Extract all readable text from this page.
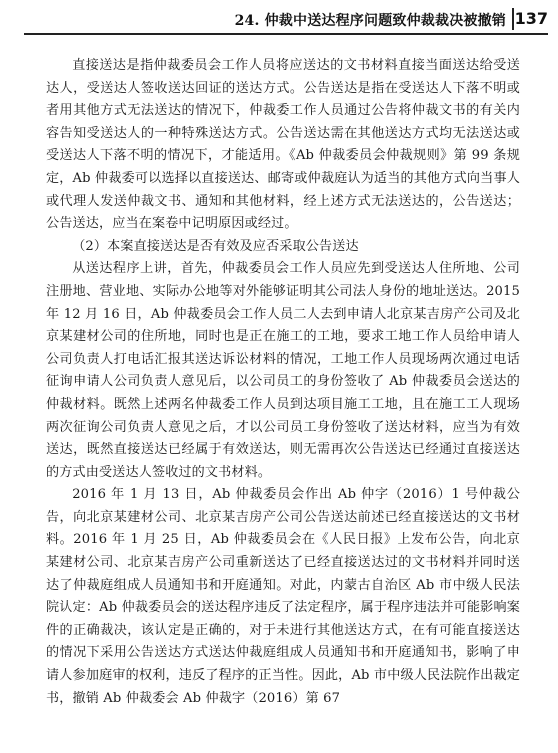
24. 仲裁中送达程序问题致仲裁裁决被撤销 137

直接送达是指仲裁委员会工作人员将应送达的文书材料直接当面送达给受送达人，受送达人签收送达回证的送达方式。公告送达是指在受送达人下落不明或者用其他方式无法送达的情况下，仲裁委工作人员通过公告将仲裁文书的有关内容告知受送达人的一种特殊送达方式。公告送达需在其他送达方式均无法送达或受送达人下落不明的情况下，才能适用。《Ab 仲裁委员会仲裁规则》第 99 条规定，Ab 仲裁委可以选择以直接送达、邮寄或仲裁庭认为适当的其他方式向当事人或代理人发送仲裁文书、通知和其他材料，经上述方式无法送达的，公告送达；公告送达，应当在案卷中记明原因或经过。

（2）本案直接送达是否有效及应否采取公告送达

从送达程序上讲，首先，仲裁委员会工作人员应先到受送达人住所地、公司注册地、营业地、实际办公地等对外能够证明其公司法人身份的地址送达。2015 年 12 月 16 日，Ab 仲裁委员会工作人员二人去到申请人北京某吉房产公司及北京某建材公司的住所地，同时也是正在施工的工地，要求工地工作人员给申请人公司负责人打电话汇报其送达诉讼材料的情况，工地工作人员现场两次通过电话征询申请人公司负责人意见后，以公司员工的身份签收了 Ab 仲裁委员会送达的仲裁材料。既然上述两名仲裁委工作人员到达项目施工工地，且在施工工人现场两次征询公司负责人意见之后，才以公司员工身份签收了送达材料，应当为有效送达，既然直接送达已经属于有效送达，则无需再次公告送达已经通过直接送达的方式由受送达人签收过的文书材料。

2016 年 1 月 13 日，Ab 仲裁委员会作出 Ab 仲字（2016）1 号仲裁公告，向北京某建材公司、北京某吉房产公司公告送达前述已经直接送达的文书材料。2016 年 1 月 25 日，Ab 仲裁委员会在《人民日报》上发布公告，向北京某建材公司、北京某吉房产公司重新送达了已经直接送达过的文书材料并同时送达了仲裁庭组成人员通知书和开庭通知。对此，内蒙古自治区 Ab 市中级人民法院认定：Ab 仲裁委员会的送达程序违反了法定程序，属于程序违法并可能影响案件的正确裁决，该认定是正确的，对于未进行其他送达方式，在有可能直接送达的情况下采用公告送达方式送达仲裁庭组成人员通知书和开庭通知书，影响了申请人参加庭审的权利，违反了程序的正当性。因此，Ab 市中级人民法院作出裁定书，撤销 Ab 仲裁委会 Ab 仲裁字（2016）第 67
